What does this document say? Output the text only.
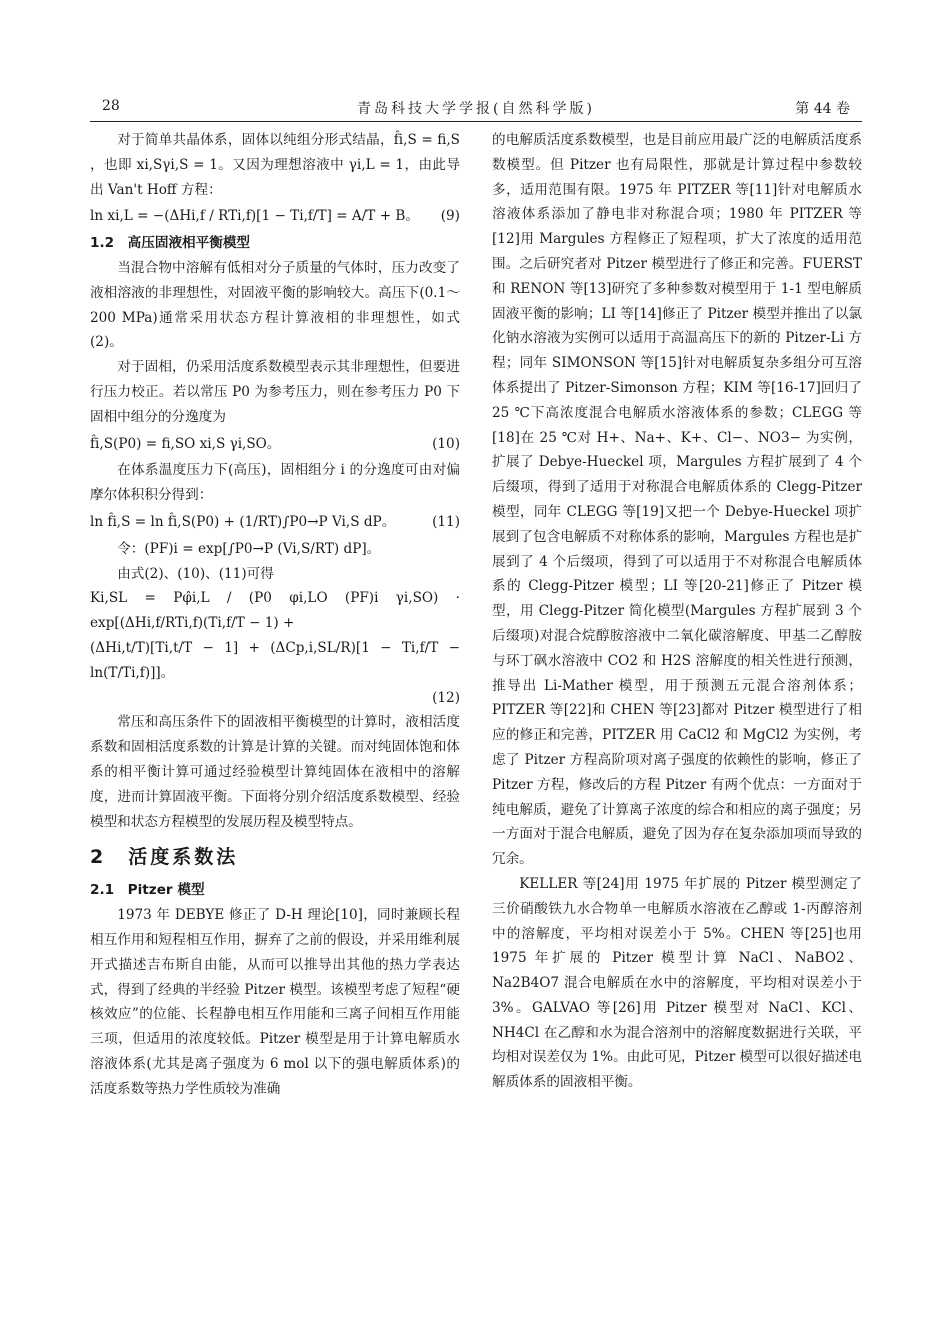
28	青岛科技大学学报(自然科学版)	第 44 卷

对于简单共晶体系，固体以纯组分形式结晶，f̂i,S = fi,S ，也即 xi,Sγi,S = 1。又因为理想溶液中 γi,L = 1，由此导出 Van't Hoff 方程：

ln xi,L = −(ΔHi,f / RTi,f)[1 − Ti,f/T] = A/T + B。 (9)

1.2　高压固液相平衡模型

当混合物中溶解有低相对分子质量的气体时，压力改变了液相溶液的非理想性，对固液平衡的影响较大。高压下(0.1～200 MPa)通常采用状态方程计算液相的非理想性，如式(2)。

对于固相，仍采用活度系数模型表示其非理想性，但要进行压力校正。若以常压 P0 为参考压力，则在参考压力 P0 下固相中组分的分逸度为

f̂i,S(P0) = fi,SO xi,S γi,SO。	(10)

在体系温度压力下(高压)，固相组分 i 的分逸度可由对偏摩尔体积积分得到：

ln f̂i,S = ln f̂i,S(P0) + (1/RT)∫P0→P Vi,S dP。	(11)

令：(PF)i = exp[∫P0→P (Vi,S/RT) dP]。

由式(2)、(10)、(11)可得

Ki,SL = Pφ̂i,L / (P0 φi,LO (PF)i γi,SO) · exp[(ΔHi,f/RTi,f)(Ti,f/T − 1) +

(ΔHi,t/T)[Ti,t/T − 1] + (ΔCp,i,SL/R)[1 − Ti,f/T − ln(T/Ti,f)]]。

(12)

常压和高压条件下的固液相平衡模型的计算时，液相活度系数和固相活度系数的计算是计算的关键。而对纯固体饱和体系的相平衡计算可通过经验模型计算纯固体在液相中的溶解度，进而计算固液平衡。下面将分别介绍活度系数模型、经验模型和状态方程模型的发展历程及模型特点。

2　活度系数法

2.1　Pitzer 模型

1973 年 DEBYE 修正了 D-H 理论[10]，同时兼顾长程相互作用和短程相互作用，摒弃了之前的假设，并采用维利展开式描述吉布斯自由能，从而可以推导出其他的热力学表达式，得到了经典的半经验 Pitzer 模型。该模型考虑了短程“硬核效应”的位能、长程静电相互作用能和三离子间相互作用能三项，但适用的浓度较低。Pitzer 模型是用于计算电解质水溶液体系(尤其是离子强度为 6 mol 以下的强电解质体系)的活度系数等热力学性质较为准确

的电解质活度系数模型，也是目前应用最广泛的电解质活度系数模型。但 Pitzer 也有局限性，那就是计算过程中参数较多，适用范围有限。1975 年 PITZER 等[11]针对电解质水溶液体系添加了静电非对称混合项；1980 年 PITZER 等[12]用 Margules 方程修正了短程项，扩大了浓度的适用范围。之后研究者对 Pitzer 模型进行了修正和完善。FUERST 和 RENON 等[13]研究了多种参数对模型用于 1-1 型电解质固液平衡的影响；LI 等[14]修正了 Pitzer 模型并推出了以氯化钠水溶液为实例可以适用于高温高压下的新的 Pitzer-Li 方程；同年 SIMONSON 等[15]针对电解质复杂多组分可互溶体系提出了 Pitzer-Simonson 方程；KIM 等[16-17]回归了 25 ℃下高浓度混合电解质水溶液体系的参数；CLEGG 等[18]在 25 ℃对 H+、Na+、K+、Cl−、NO3− 为实例，扩展了 Debye-Hueckel 项，Margules 方程扩展到了 4 个后缀项，得到了适用于对称混合电解质体系的 Clegg-Pitzer 模型，同年 CLEGG 等[19]又把一个 Debye-Hueckel 项扩展到了包含电解质不对称体系的影响，Margules 方程也是扩展到了 4 个后缀项，得到了可以适用于不对称混合电解质体系的 Clegg-Pitzer 模型；LI 等[20-21]修正了 Pitzer 模型，用 Clegg-Pitzer 简化模型(Margules 方程扩展到 3 个后缀项)对混合烷醇胺溶液中二氧化碳溶解度、甲基二乙醇胺与环丁砜水溶液中 CO2 和 H2S 溶解度的相关性进行预测，推导出 Li-Mather 模型，用于预测五元混合溶剂体系；PITZER 等[22]和 CHEN 等[23]都对 Pitzer 模型进行了相应的修正和完善，PITZER 用 CaCl2 和 MgCl2 为实例，考虑了 Pitzer 方程高阶项对离子强度的依赖性的影响，修正了 Pitzer 方程，修改后的方程 Pitzer 有两个优点：一方面对于纯电解质，避免了计算离子浓度的综合和相应的离子强度；另一方面对于混合电解质，避免了因为存在复杂添加项而导致的冗余。

KELLER 等[24]用 1975 年扩展的 Pitzer 模型测定了三价硝酸铁九水合物单一电解质水溶液在乙醇或 1-丙醇溶剂中的溶解度，平均相对误差小于 5%。CHEN 等[25]也用 1975 年扩展的 Pitzer 模型计算 NaCl、NaBO2、Na2B4O7 混合电解质在水中的溶解度，平均相对误差小于 3%。GALVAO 等[26]用 Pitzer 模型对 NaCl、KCl、NH4Cl 在乙醇和水为混合溶剂中的溶解度数据进行关联，平均相对误差仅为 1%。由此可见，Pitzer 模型可以很好描述电解质体系的固液相平衡。
